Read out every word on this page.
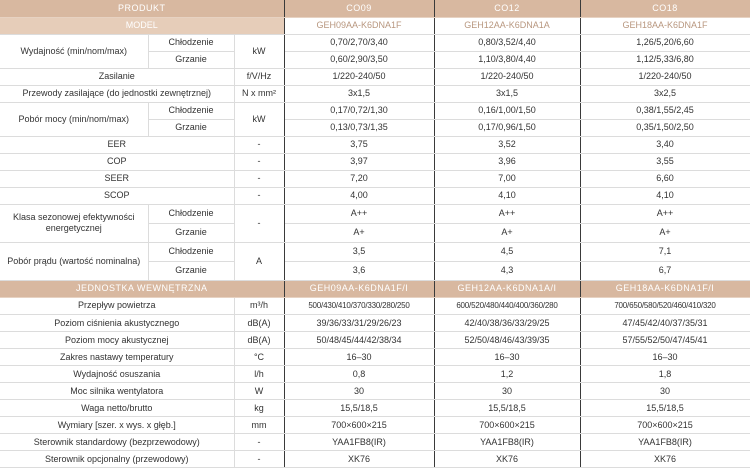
PRODUKT			CO09	CO12	CO18
MODEL			GEH09AA-K6DNA1F	GEH12AA-K6DNA1A	GEH18AA-K6DNA1F
Wydajność (min/nom/max)	Chłodzenie	kW	0,70/2,70/3,40	0,80/3,52/4,40	1,26/5,20/6,60
	Grzanie		0,60/2,90/3,50	1,10/3,80/4,40	1,12/5,33/6,80
Zasilanie		f/V/Hz	1/220-240/50	1/220-240/50	1/220-240/50
Przewody zasilające (do jednostki zewnętrznej)		N x mm²	3x1,5	3x1,5	3x2,5
Pobór mocy (min/nom/max)	Chłodzenie	kW	0,17/0,72/1,30	0,16/1,00/1,50	0,38/1,55/2,45
	Grzanie		0,13/0,73/1,35	0,17/0,96/1,50	0,35/1,50/2,50
EER		-	3,75	3,52	3,40
COP		-	3,97	3,96	3,55
SEER		-	7,20	7,00	6,60
SCOP		-	4,00	4,10	4,10
Klasa sezonowej efektywności energetycznej	Chłodzenie	-	A++	A++	A++
	Grzanie		A+	A+	A+
Pobór prądu (wartość nominalna)	Chłodzenie	A	3,5	4,5	7,1
	Grzanie		3,6	4,3	6,7
JEDNOSTKA WEWNĘTRZNA			GEH09AA-K6DNA1F/I	GEH12AA-K6DNA1A/I	GEH18AA-K6DNA1F/I
Przepływ powietrza	m³/h	500/430/410/370/330/280/250	600/520/480/440/400/360/280	700/650/580/520/460/410/320
Poziom ciśnienia akustycznego	dB(A)	39/36/33/31/29/26/23	42/40/38/36/33/29/25	47/45/42/40/37/35/31
Poziom mocy akustycznej	dB(A)	50/48/45/44/42/38/34	52/50/48/46/43/39/35	57/55/52/50/47/45/41
Zakres nastawy temperatury	°C	16–30	16–30	16–30
Wydajność osuszania	l/h	0,8	1,2	1,8
Moc silnika wentylatora	W	30	30	30
Waga netto/brutto	kg	15,5/18,5	15,5/18,5	15,5/18,5
Wymiary [szer. x wys. x głęb.]	mm	700×600×215	700×600×215	700×600×215
Sterownik standardowy (bezprzewodowy)	-	YAA1FB8(IR)	YAA1FB8(IR)	YAA1FB8(IR)
Sterownik opcjonalny (przewodowy)	-	XK76	XK76	XK76
